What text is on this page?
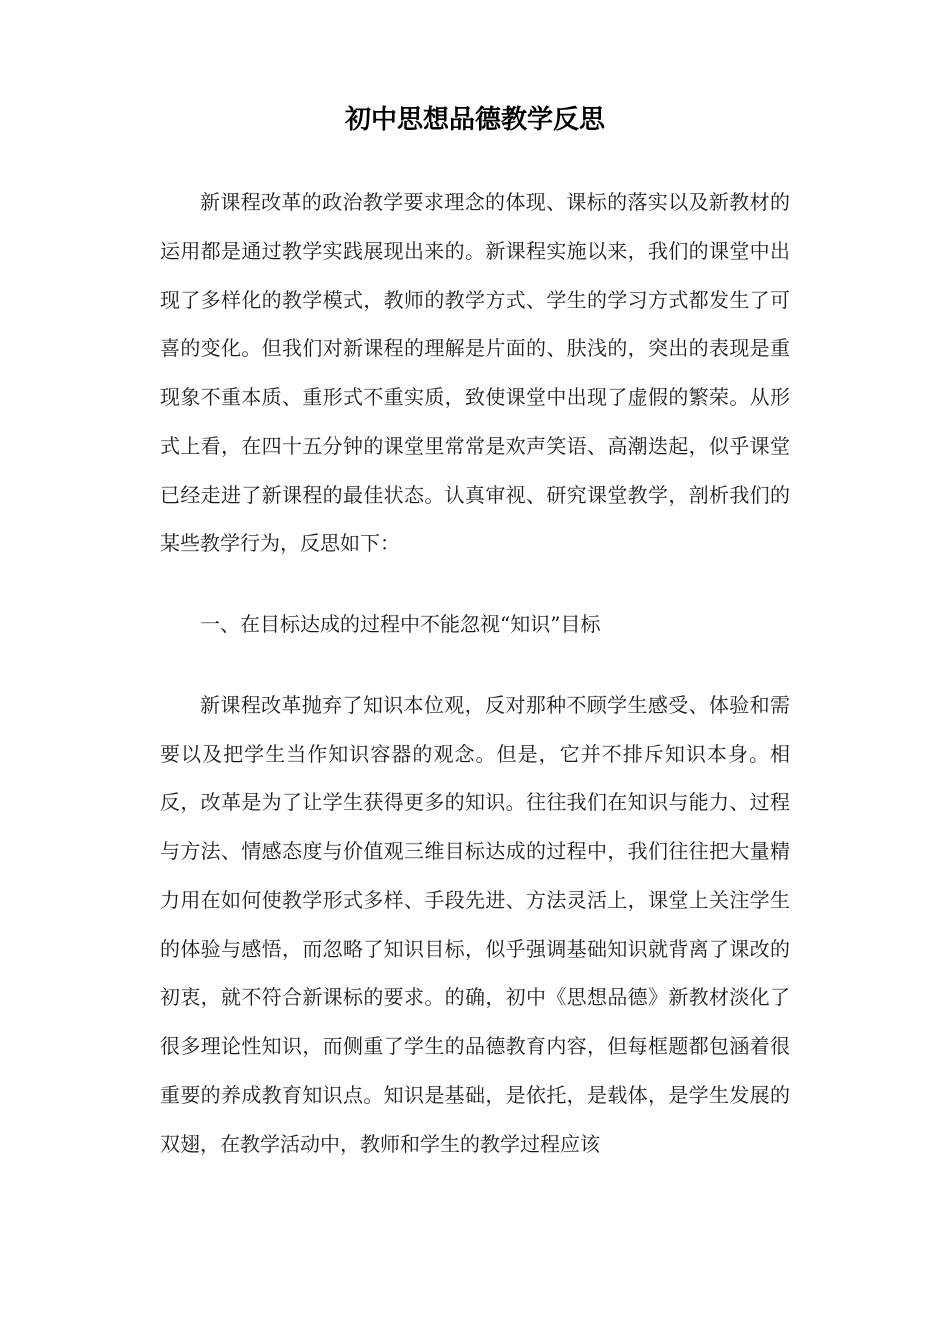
初中思想品德教学反思

新课程改革的政治教学要求理念的体现、课标的落实以及新教材的运用都是通过教学实践展现出来的。新课程实施以来，我们的课堂中出现了多样化的教学模式，教师的教学方式、学生的学习方式都发生了可喜的变化。但我们对新课程的理解是片面的、肤浅的，突出的表现是重现象不重本质、重形式不重实质，致使课堂中出现了虚假的繁荣。从形式上看，在四十五分钟的课堂里常常是欢声笑语、高潮迭起，似乎课堂已经走进了新课程的最佳状态。认真审视、研究课堂教学，剖析我们的某些教学行为，反思如下：

一、在目标达成的过程中不能忽视“知识”目标

新课程改革抛弃了知识本位观，反对那种不顾学生感受、体验和需要以及把学生当作知识容器的观念。但是，它并不排斥知识本身。相反，改革是为了让学生获得更多的知识。往往我们在知识与能力、过程与方法、情感态度与价值观三维目标达成的过程中，我们往往把大量精力用在如何使教学形式多样、手段先进、方法灵活上，课堂上关注学生的体验与感悟，而忽略了知识目标，似乎强调基础知识就背离了课改的初衷，就不符合新课标的要求。的确，初中《思想品德》新教材淡化了很多理论性知识，而侧重了学生的品德教育内容，但每框题都包涵着很重要的养成教育知识点。知识是基础，是依托，是载体，是学生发展的双翅，在教学活动中，教师和学生的教学过程应该
